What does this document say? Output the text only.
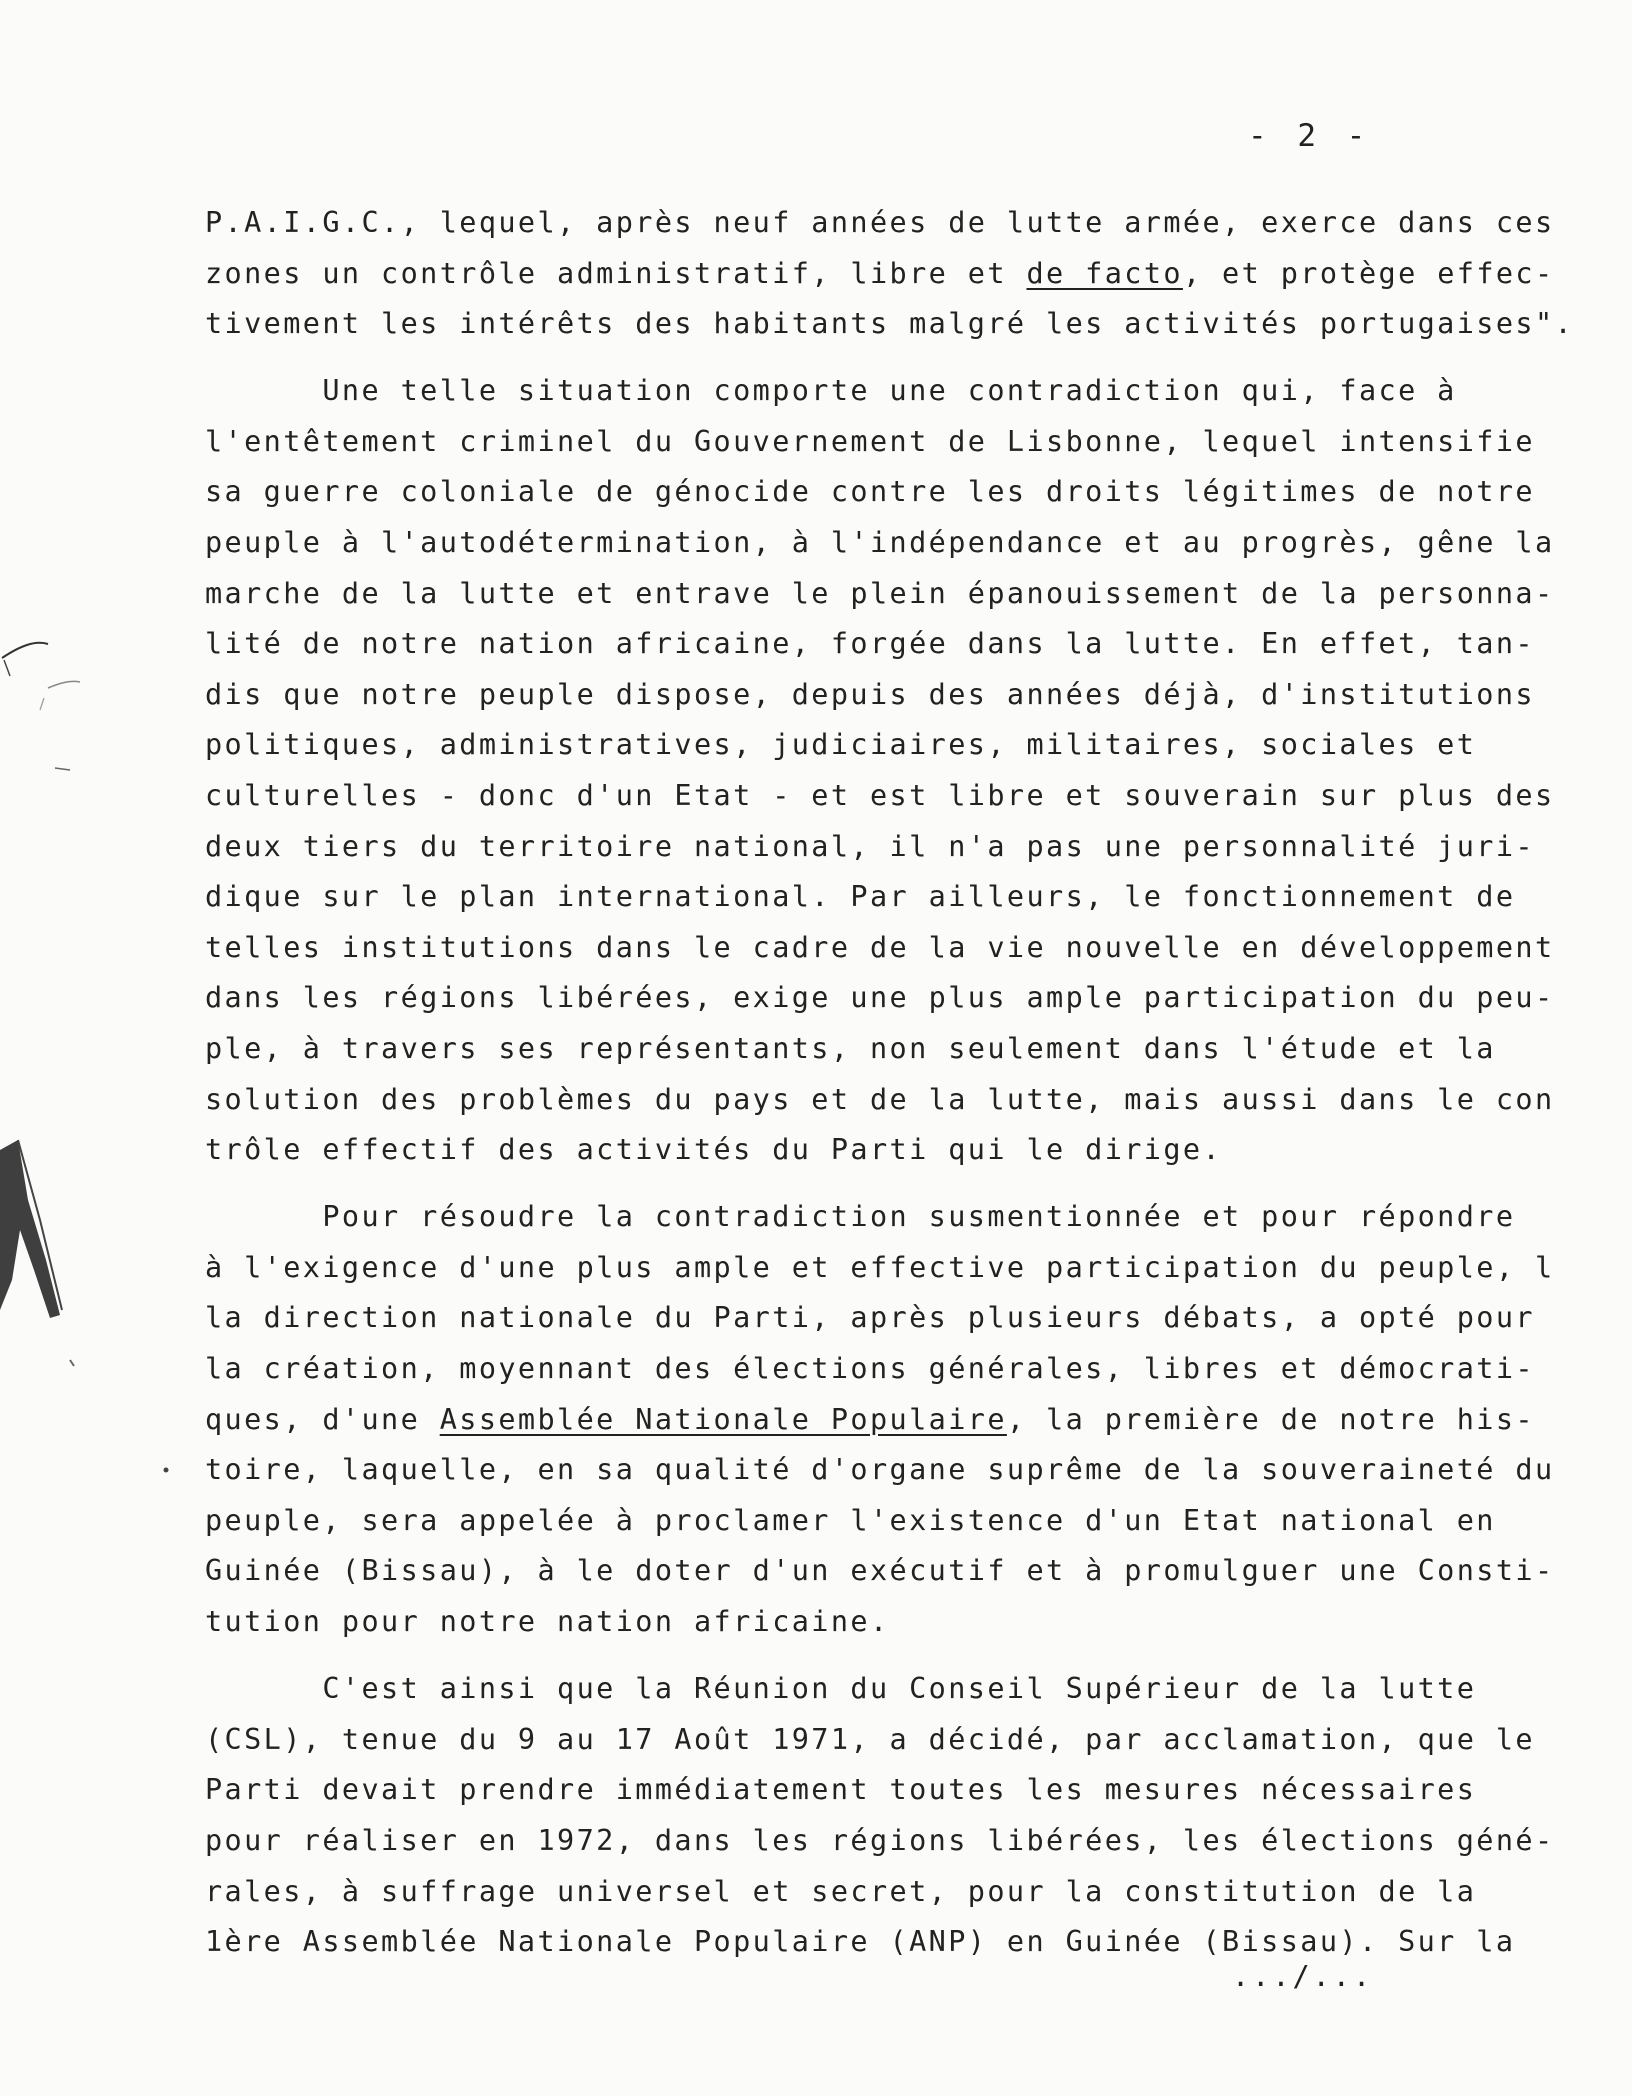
- 2 -
P.A.I.G.C., lequel, après neuf années de lutte armée, exerce dans ces
zones un contrôle administratif, libre et de facto, et protège effec-
tivement les intérêts des habitants malgré les activités portugaises".
Une telle situation comporte une contradiction qui, face à
l'entêtement criminel du Gouvernement de Lisbonne, lequel intensifie
sa guerre coloniale de génocide contre les droits légitimes de notre
peuple à l'autodétermination, à l'indépendance et au progrès, gêne la
marche de la lutte et entrave le plein épanouissement de la personna-
lité de notre nation africaine, forgée dans la lutte. En effet, tan-
dis que notre peuple dispose, depuis des années déjà, d'institutions
politiques, administratives, judiciaires, militaires, sociales et
culturelles - donc d'un Etat - et est libre et souverain sur plus des
deux tiers du territoire national, il n'a pas une personnalité juri-
dique sur le plan international. Par ailleurs, le fonctionnement de
telles institutions dans le cadre de la vie nouvelle en développement
dans les régions libérées, exige une plus ample participation du peu-
ple, à travers ses représentants, non seulement dans l'étude et la
solution des problèmes du pays et de la lutte, mais aussi dans le con
trôle effectif des activités du Parti qui le dirige.
Pour résoudre la contradiction susmentionnée et pour répondre
à l'exigence d'une plus ample et effective participation du peuple, l
la direction nationale du Parti, après plusieurs débats, a opté pour
la création, moyennant des élections générales, libres et démocrati-
ques, d'une Assemblée Nationale Populaire, la première de notre his-
toire, laquelle, en sa qualité d'organe suprême de la souveraineté du
peuple, sera appelée à proclamer l'existence d'un Etat national en
Guinée (Bissau), à le doter d'un exécutif et à promulguer une Consti-
tution pour notre nation africaine.
C'est ainsi que la Réunion du Conseil Supérieur de la lutte
(CSL), tenue du 9 au 17 Août 1971, a décidé, par acclamation, que le
Parti devait prendre immédiatement toutes les mesures nécessaires
pour réaliser en 1972, dans les régions libérées, les élections géné-
rales, à suffrage universel et secret, pour la constitution de la
1ère Assemblée Nationale Populaire (ANP) en Guinée (Bissau). Sur la
.../...
